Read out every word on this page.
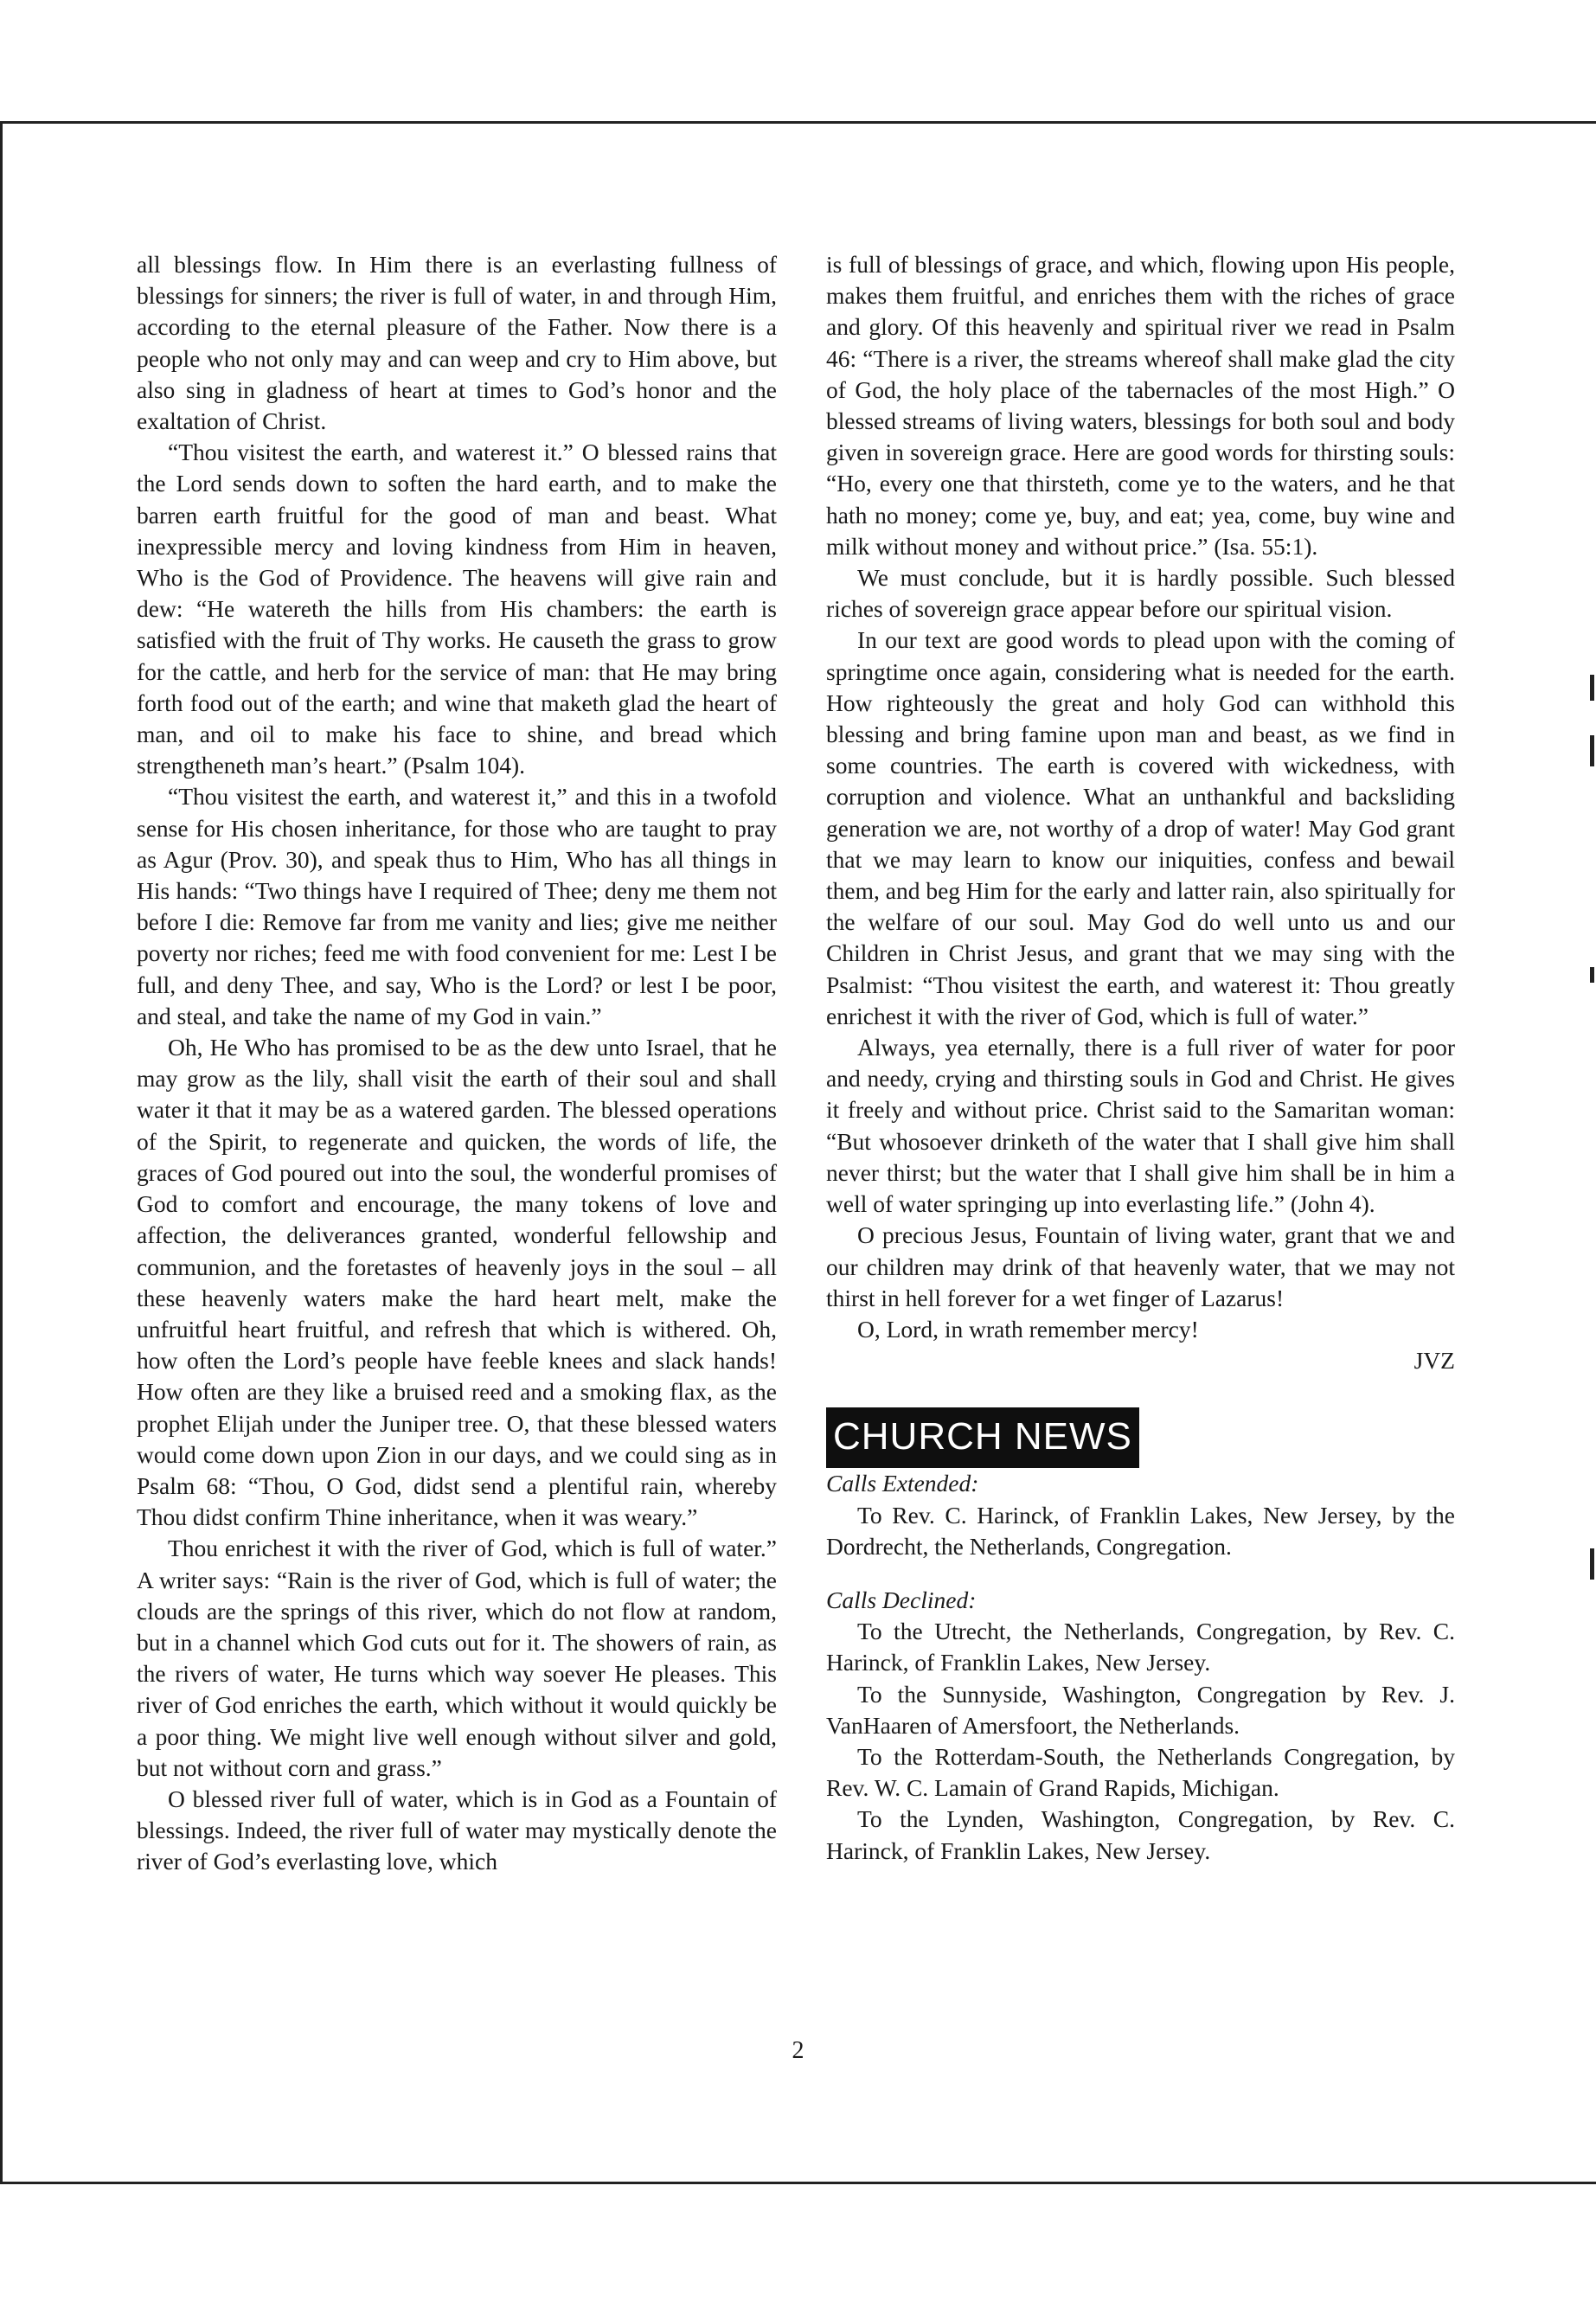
all blessings flow. In Him there is an everlasting fullness of blessings for sinners; the river is full of water, in and through Him, according to the eternal pleasure of the Father. Now there is a people who not only may and can weep and cry to Him above, but also sing in gladness of heart at times to God’s honor and the exaltation of Christ.

“Thou visitest the earth, and waterest it.” O blessed rains that the Lord sends down to soften the hard earth, and to make the barren earth fruitful for the good of man and beast. What inexpressible mercy and loving kindness from Him in heaven, Who is the God of Providence. The heavens will give rain and dew: “He watereth the hills from His chambers: the earth is satisfied with the fruit of Thy works. He causeth the grass to grow for the cattle, and herb for the service of man: that He may bring forth food out of the earth; and wine that maketh glad the heart of man, and oil to make his face to shine, and bread which strengtheneth man’s heart.” (Psalm 104).

“Thou visitest the earth, and waterest it,” and this in a twofold sense for His chosen inheritance, for those who are taught to pray as Agur (Prov. 30), and speak thus to Him, Who has all things in His hands: “Two things have I required of Thee; deny me them not before I die: Remove far from me vanity and lies; give me neither poverty nor riches; feed me with food convenient for me: Lest I be full, and deny Thee, and say, Who is the Lord? or lest I be poor, and steal, and take the name of my God in vain.”

Oh, He Who has promised to be as the dew unto Israel, that he may grow as the lily, shall visit the earth of their soul and shall water it that it may be as a watered garden. The blessed operations of the Spirit, to regenerate and quicken, the words of life, the graces of God poured out into the soul, the wonderful promises of God to comfort and encourage, the many tokens of love and affection, the deliverances granted, wonderful fellowship and communion, and the foretastes of heavenly joys in the soul – all these heavenly waters make the hard heart melt, make the unfruitful heart fruitful, and refresh that which is withered. Oh, how often the Lord’s people have feeble knees and slack hands! How often are they like a bruised reed and a smoking flax, as the prophet Elijah under the Juniper tree. O, that these blessed waters would come down upon Zion in our days, and we could sing as in Psalm 68: “Thou, O God, didst send a plentiful rain, whereby Thou didst confirm Thine inheritance, when it was weary.”

Thou enrichest it with the river of God, which is full of water.” A writer says: “Rain is the river of God, which is full of water; the clouds are the springs of this river, which do not flow at random, but in a channel which God cuts out for it. The showers of rain, as the rivers of water, He turns which way soever He pleases. This river of God enriches the earth, which without it would quickly be a poor thing. We might live well enough without silver and gold, but not without corn and grass.”

O blessed river full of water, which is in God as a Fountain of blessings. Indeed, the river full of water may mystically denote the river of God’s everlasting love, which

is full of blessings of grace, and which, flowing upon His people, makes them fruitful, and enriches them with the riches of grace and glory. Of this heavenly and spiritual river we read in Psalm 46: “There is a river, the streams whereof shall make glad the city of God, the holy place of the tabernacles of the most High.” O blessed streams of living waters, blessings for both soul and body given in sovereign grace. Here are good words for thirsting souls: “Ho, every one that thirsteth, come ye to the waters, and he that hath no money; come ye, buy, and eat; yea, come, buy wine and milk without money and without price.” (Isa. 55:1).

We must conclude, but it is hardly possible. Such blessed riches of sovereign grace appear before our spiritual vision.

In our text are good words to plead upon with the coming of springtime once again, considering what is needed for the earth. How righteously the great and holy God can withhold this blessing and bring famine upon man and beast, as we find in some countries. The earth is covered with wickedness, with corruption and violence. What an unthankful and backsliding generation we are, not worthy of a drop of water! May God grant that we may learn to know our iniquities, confess and bewail them, and beg Him for the early and latter rain, also spiritually for the welfare of our soul. May God do well unto us and our Children in Christ Jesus, and grant that we may sing with the Psalmist: “Thou visitest the earth, and waterest it: Thou greatly enrichest it with the river of God, which is full of water.”

Always, yea eternally, there is a full river of water for poor and needy, crying and thirsting souls in God and Christ. He gives it freely and without price. Christ said to the Samaritan woman: “But whosoever drinketh of the water that I shall give him shall never thirst; but the water that I shall give him shall be in him a well of water springing up into everlasting life.” (John 4).

O precious Jesus, Fountain of living water, grant that we and our children may drink of that heavenly water, that we may not thirst in hell forever for a wet finger of Lazarus!

O, Lord, in wrath remember mercy!

JVZ

CHURCH NEWS

Calls Extended:

To Rev. C. Harinck, of Franklin Lakes, New Jersey, by the Dordrecht, the Netherlands, Congregation.

Calls Declined:

To the Utrecht, the Netherlands, Congregation, by Rev. C. Harinck, of Franklin Lakes, New Jersey.

To the Sunnyside, Washington, Congregation by Rev. J. VanHaaren of Amersfoort, the Netherlands.

To the Rotterdam-South, the Netherlands Congregation, by Rev. W. C. Lamain of Grand Rapids, Michigan.

To the Lynden, Washington, Congregation, by Rev. C. Harinck, of Franklin Lakes, New Jersey.

2
